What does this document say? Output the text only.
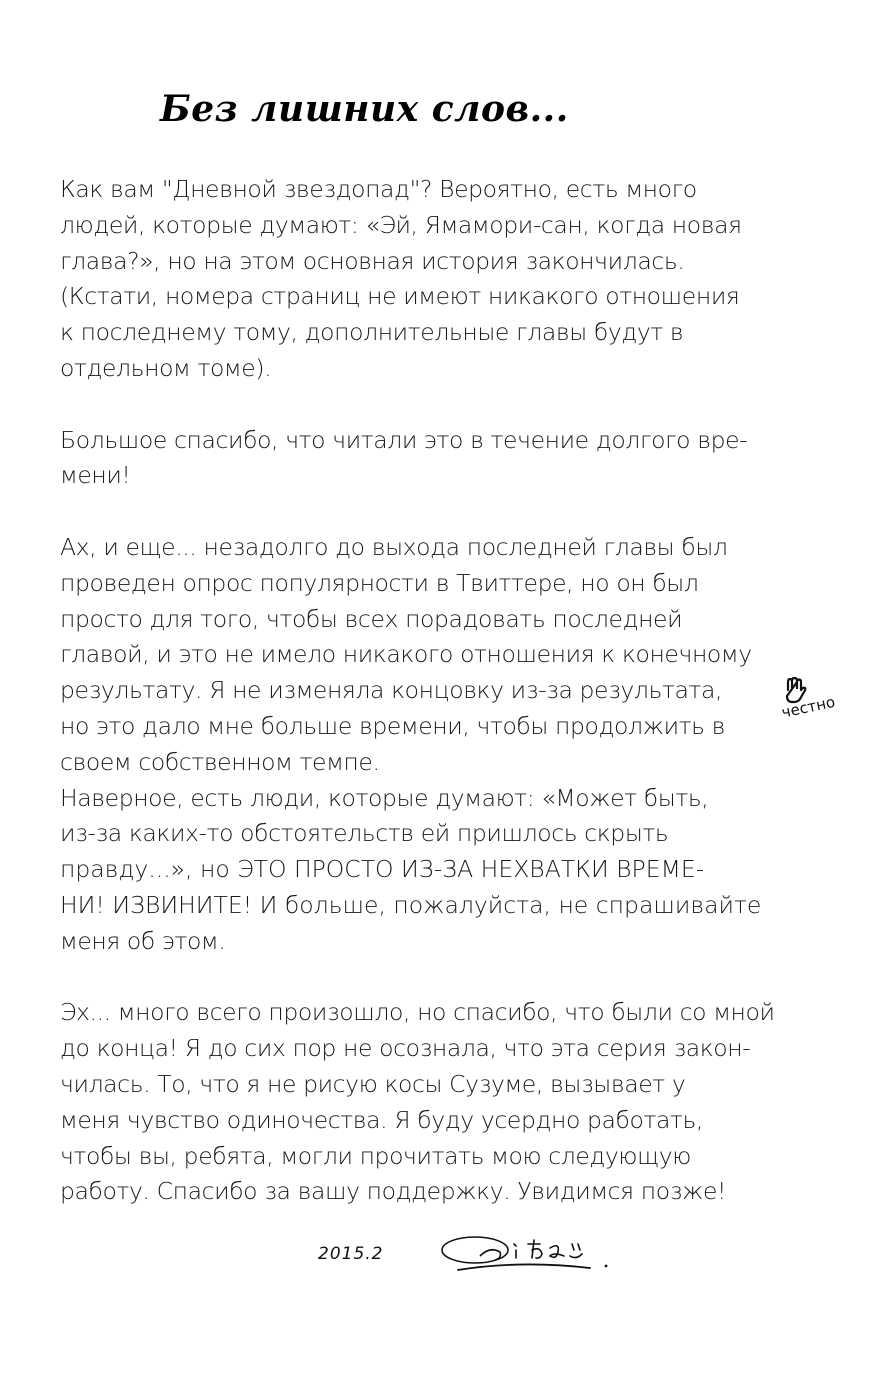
Без лишних слов...

Как вам "Дневной звездопад"? Вероятно, есть много
людей, которые думают: «Эй, Ямамори-сан, когда новая
глава?», но на этом основная история закончилась.
(Кстати, номера страниц не имеют никакого отношения
к последнему тому, дополнительные главы будут в
отдельном томе).

Большое спасибо, что читали это в течение долгого вре-
мени!

Ах, и еще... незадолго до выхода последней главы был
проведен опрос популярности в Твиттере, но он был
просто для того, чтобы всех порадовать последней
главой, и это не имело никакого отношения к конечному
результату. Я не изменяла концовку из-за результата,
но это дало мне больше времени, чтобы продолжить в
своем собственном темпе.

Наверное, есть люди, которые думают: «Может быть,
из-за каких-то обстоятельств ей пришлось скрыть
правду...», но ЭТО ПРОСТО ИЗ-ЗА НЕХВАТКИ ВРЕМЕ-
НИ! ИЗВИНИТЕ! И больше, пожалуйста, не спрашивайте
меня об этом.

Эх... много всего произошло, но спасибо, что были со мной
до конца! Я до сих пор не осознала, что эта серия закон-
чилась. То, что я не рисую косы Сузуме, вызывает у
меня чувство одиночества. Я буду усердно работать,
чтобы вы, ребята, могли прочитать мою следующую
работу. Спасибо за вашу поддержку. Увидимся позже!

честно
2015.2
